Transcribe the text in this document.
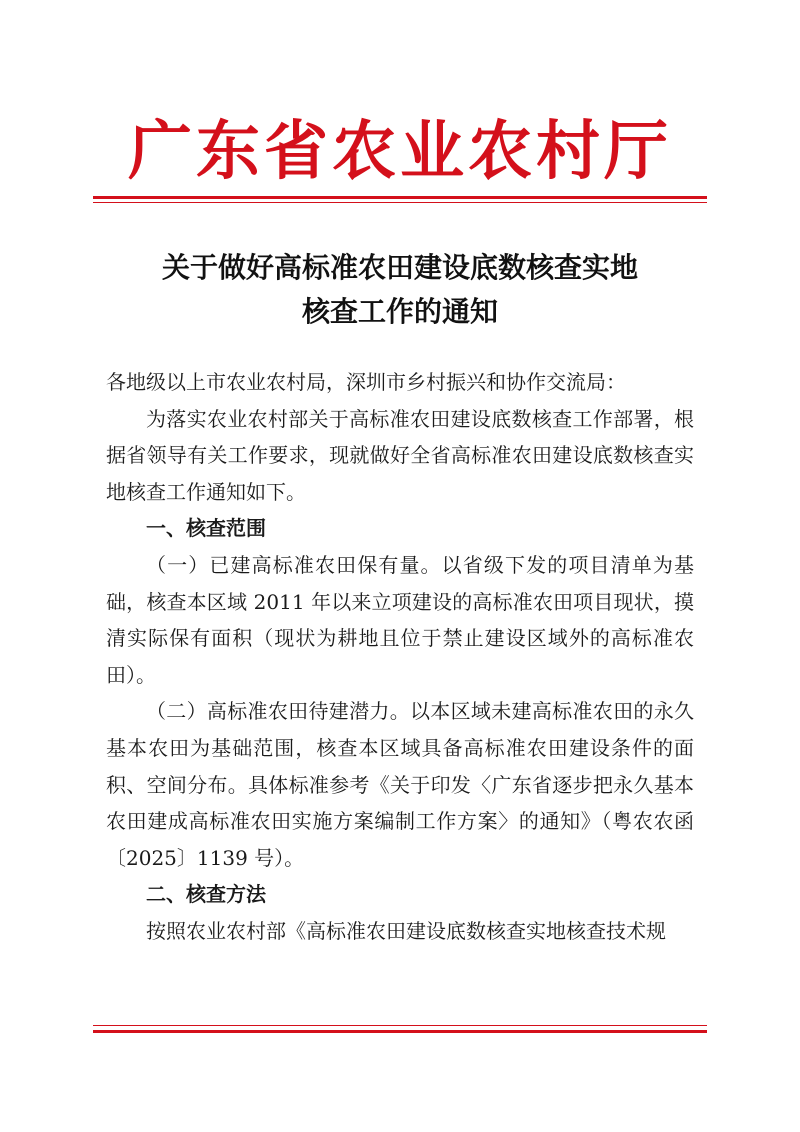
广东省农业农村厅
关于做好高标准农田建设底数核查实地
核查工作的通知

各地级以上市农业农村局，深圳市乡村振兴和协作交流局：

为落实农业农村部关于高标准农田建设底数核查工作部署，根据省领导有关工作要求，现就做好全省高标准农田建设底数核查实地核查工作通知如下。

一、核查范围

（一）已建高标准农田保有量。以省级下发的项目清单为基础，核查本区域 2011 年以来立项建设的高标准农田项目现状，摸清实际保有面积（现状为耕地且位于禁止建设区域外的高标准农田）。

（二）高标准农田待建潜力。以本区域未建高标准农田的永久基本农田为基础范围，核查本区域具备高标准农田建设条件的面积、空间分布。具体标准参考《关于印发〈广东省逐步把永久基本农田建成高标准农田实施方案编制工作方案〉的通知》（粤农农函〔2025〕1139 号）。

二、核查方法

按照农业农村部《高标准农田建设底数核查实地核查技术规
